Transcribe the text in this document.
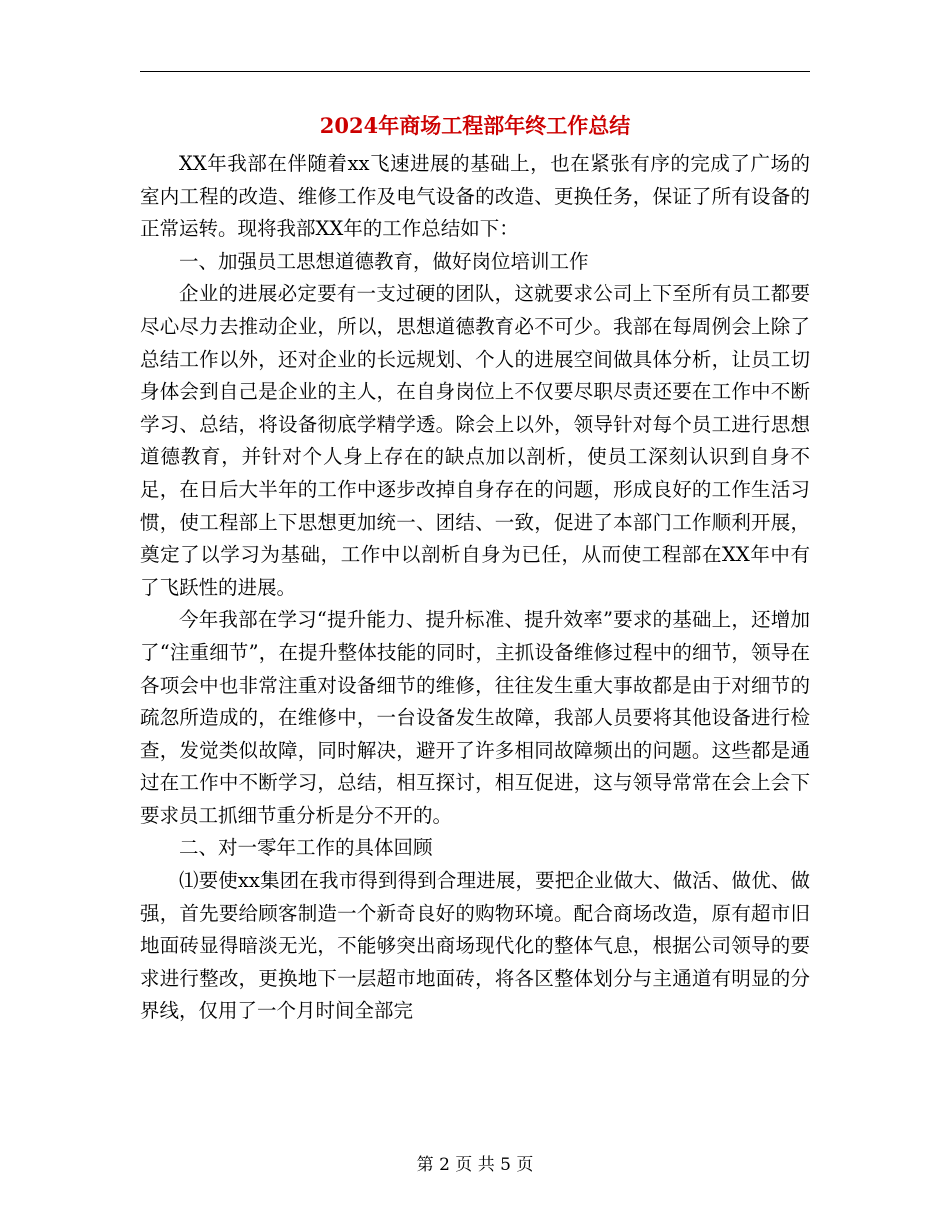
2024年商场工程部年终工作总结

XX年我部在伴随着xx飞速进展的基础上，也在紧张有序的完成了广场的室内工程的改造、维修工作及电气设备的改造、更换任务，保证了所有设备的正常运转。现将我部XX年的工作总结如下：

一、加强员工思想道德教育，做好岗位培训工作

企业的进展必定要有一支过硬的团队，这就要求公司上下至所有员工都要尽心尽力去推动企业，所以，思想道德教育必不可少。我部在每周例会上除了总结工作以外，还对企业的长远规划、个人的进展空间做具体分析，让员工切身体会到自己是企业的主人，在自身岗位上不仅要尽职尽责还要在工作中不断学习、总结，将设备彻底学精学透。除会上以外，领导针对每个员工进行思想道德教育，并针对个人身上存在的缺点加以剖析，使员工深刻认识到自身不足，在日后大半年的工作中逐步改掉自身存在的问题，形成良好的工作生活习惯，使工程部上下思想更加统一、团结、一致，促进了本部门工作顺利开展，奠定了以学习为基础，工作中以剖析自身为已任，从而使工程部在XX年中有了飞跃性的进展。

今年我部在学习“提升能力、提升标准、提升效率”要求的基础上，还增加了“注重细节”，在提升整体技能的同时，主抓设备维修过程中的细节，领导在各项会中也非常注重对设备细节的维修，往往发生重大事故都是由于对细节的疏忽所造成的，在维修中，一台设备发生故障，我部人员要将其他设备进行检查，发觉类似故障，同时解决，避开了许多相同故障频出的问题。这些都是通过在工作中不断学习，总结，相互探讨，相互促进，这与领导常常在会上会下要求员工抓细节重分析是分不开的。

二、对一零年工作的具体回顾

⑴要使xx集团在我市得到得到合理进展，要把企业做大、做活、做优、做强，首先要给顾客制造一个新奇良好的购物环境。配合商场改造，原有超市旧地面砖显得暗淡无光，不能够突出商场现代化的整体气息，根据公司领导的要求进行整改，更换地下一层超市地面砖，将各区整体划分与主通道有明显的分界线，仅用了一个月时间全部完

第 2 页 共 5 页
